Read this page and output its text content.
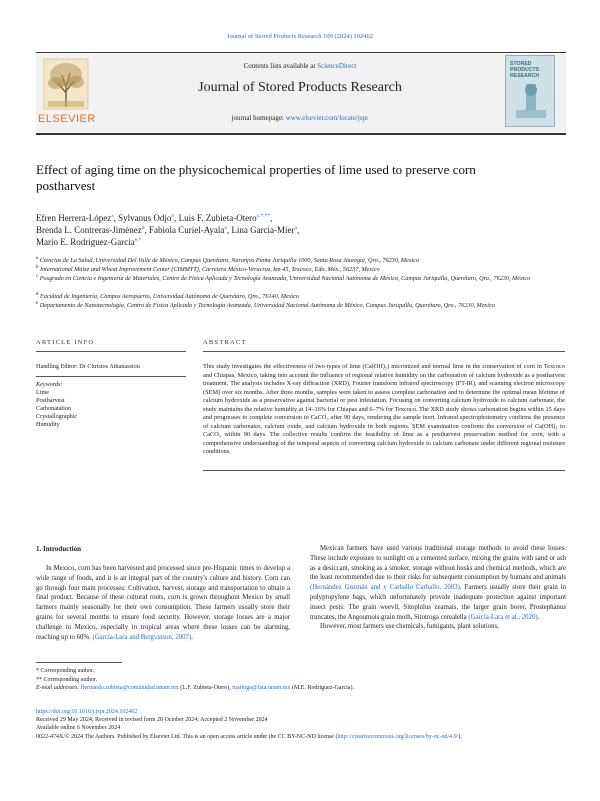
Journal of Stored Products Research 109 (2024) 102462
ELSEVIER
Contents lists available at ScienceDirect
Journal of Stored Products Research
journal homepage: www.elsevier.com/locate/jspr
STORED PRODUCTS RESEARCH
Effect of aging time on the physicochemical properties of lime used to preserve corn postharvest
Efren Herrera-López$^a$, Sylvanus Odjo$^b$, Luis F. Zubieta-Otero$^{c,*,**}$,
Brenda L. Contreras-Jiménez$^d$, Fabiola Curiel-Ayala$^a$, Lina Garcia-Mier$^a$,
Mario E. Rodriguez-Garcia$^{e,*}$
$^a$ Ciencias de La Salud, Universidad Del Valle de México, Campus Querétaro, Naranjos Punta Juriquilla 1000, Santa Rosa Jáuregui, Qro., 76230, Mexico
$^b$ International Maize and Wheat Improvement Center (CIMMYT), Carretera México-Veracruz, km 45, Texcoco, Edo. Méx., 56237, Mexico
$^c$ Posgrado en Ciencia e Ingeniería de Materiales, Centro de Física Aplicada y Tecnología Avanzada, Universidad Nacional Autónoma de México, Campus Juriquilla, Querétaro, Qro., 76230, Mexico
$^d$ Facultad de Ingeniería, Campus Aeropuerto, Universidad Autónoma de Querétaro, Qro., 76140, Mexico
$^e$ Departamento de Nanotecnología, Centro de Física Aplicada y Tecnología Avanzada, Universidad Nacional Autónoma de México, Campus Juriquilla, Querétaro, Qro., 76230, Mexico
ARTICLE INFO
Handling Editor: Dr Christos Athanassiou
Keywords:
Lime
Postharvest
Carbonatation
Crystallographic
Humidity
ABSTRACT
This study investigates the effectiveness of two types of lime (Ca(OH)₂) micronized and normal lime in the conservation of corn in Texcoco and Chiapas, Mexico, taking into account the influence of regional relative humidity on the carbonation of calcium hydroxide as a postharvest treatment. The analysis includes X-ray diffraction (XRD), Fourier transform infrared spectroscopy (FT-IR), and scanning electron microscopy (SEM) over six months. After three months, samples were taken to assess complete carbonation and to determine the optimal mean lifetime of calcium hydroxide as a preservative against bacterial or pest infestation. Focusing on converting calcium hydroxide to calcium carbonate, the study maintains the relative humidity at 14–16% for Chiapas and 6–7% for Texcoco. The XRD study shows carbonation begins within 15 days and progresses to complete conversion to CaCO₃ after 90 days, rendering the sample inert. Infrared spectrophotometry confirms the presence of calcium carbonates, calcium oxide, and calcium hydroxide in both regions. SEM examination confirms the conversion of Ca(OH)₂ to CaCO₃ within 90 days. The collective results confirm the feasibility of lime as a postharvest preservation method for corn, with a comprehensive understanding of the temporal aspects of converting calcium hydroxide to calcium carbonate under different regional moisture conditions.
1. Introduction

In Mexico, corn has been harvested and processed since pre-Hispanic times to develop a wide range of foods, and it is an integral part of the country's culture and history. Corn can go through four main processes: Cultivation, harvest, storage and transportation to obtain a final product. Because of these cultural roots, corn is grown throughout Mexico by small farmers mainly seasonally for their own consumption. These farmers usually store their grains for several months to ensure food security. However, storage losses are a major challenge in Mexico, especially in tropical areas where these losses can be alarming, reaching up to 60%. (García-Lara and Bergvinson, 2007).

Mexican farmers have used various traditional storage methods to avoid these losses. These include exposure to sunlight on a cemented surface, mixing the grains with sand or ash as a desiccant, smoking as a smoker, storage without husks and chemical methods, which are the least recommended due to their risks for subsequent consumption by humans and animals (Hernández Guzmán and y Carballo Carballo, 2003). Farmers usually store their grain in polypropylene bags, which unfortunately provide inadequate protection against important insect pests: The grain weevil, Sitophilus zeamais, the larger grain borer, Prostephanus truncates, the Angoumois grain moth, Sitotroga cerealella (García-Lara et al., 2020).

However, most farmers use chemicals, fumigants, plant solutions,

* Corresponding author.
** Corresponding author.
E-mail addresses: lfernando.zubieta@comunidad.unam.mx (L.F. Zubieta-Otero), marioga@fata.unam.mx (M.E. Rodriguez-Garcia).
https://doi.org/10.1016/j.jspr.2024.102462
Received 29 May 2024; Received in revised form 28 October 2024; Accepted 2 November 2024
Available online 6 November 2024
0022-474X/© 2024 The Authors. Published by Elsevier Ltd. This is an open access article under the CC BY-NC-ND license (http://creativecommons.org/licenses/by-nc-nd/4.0/).
